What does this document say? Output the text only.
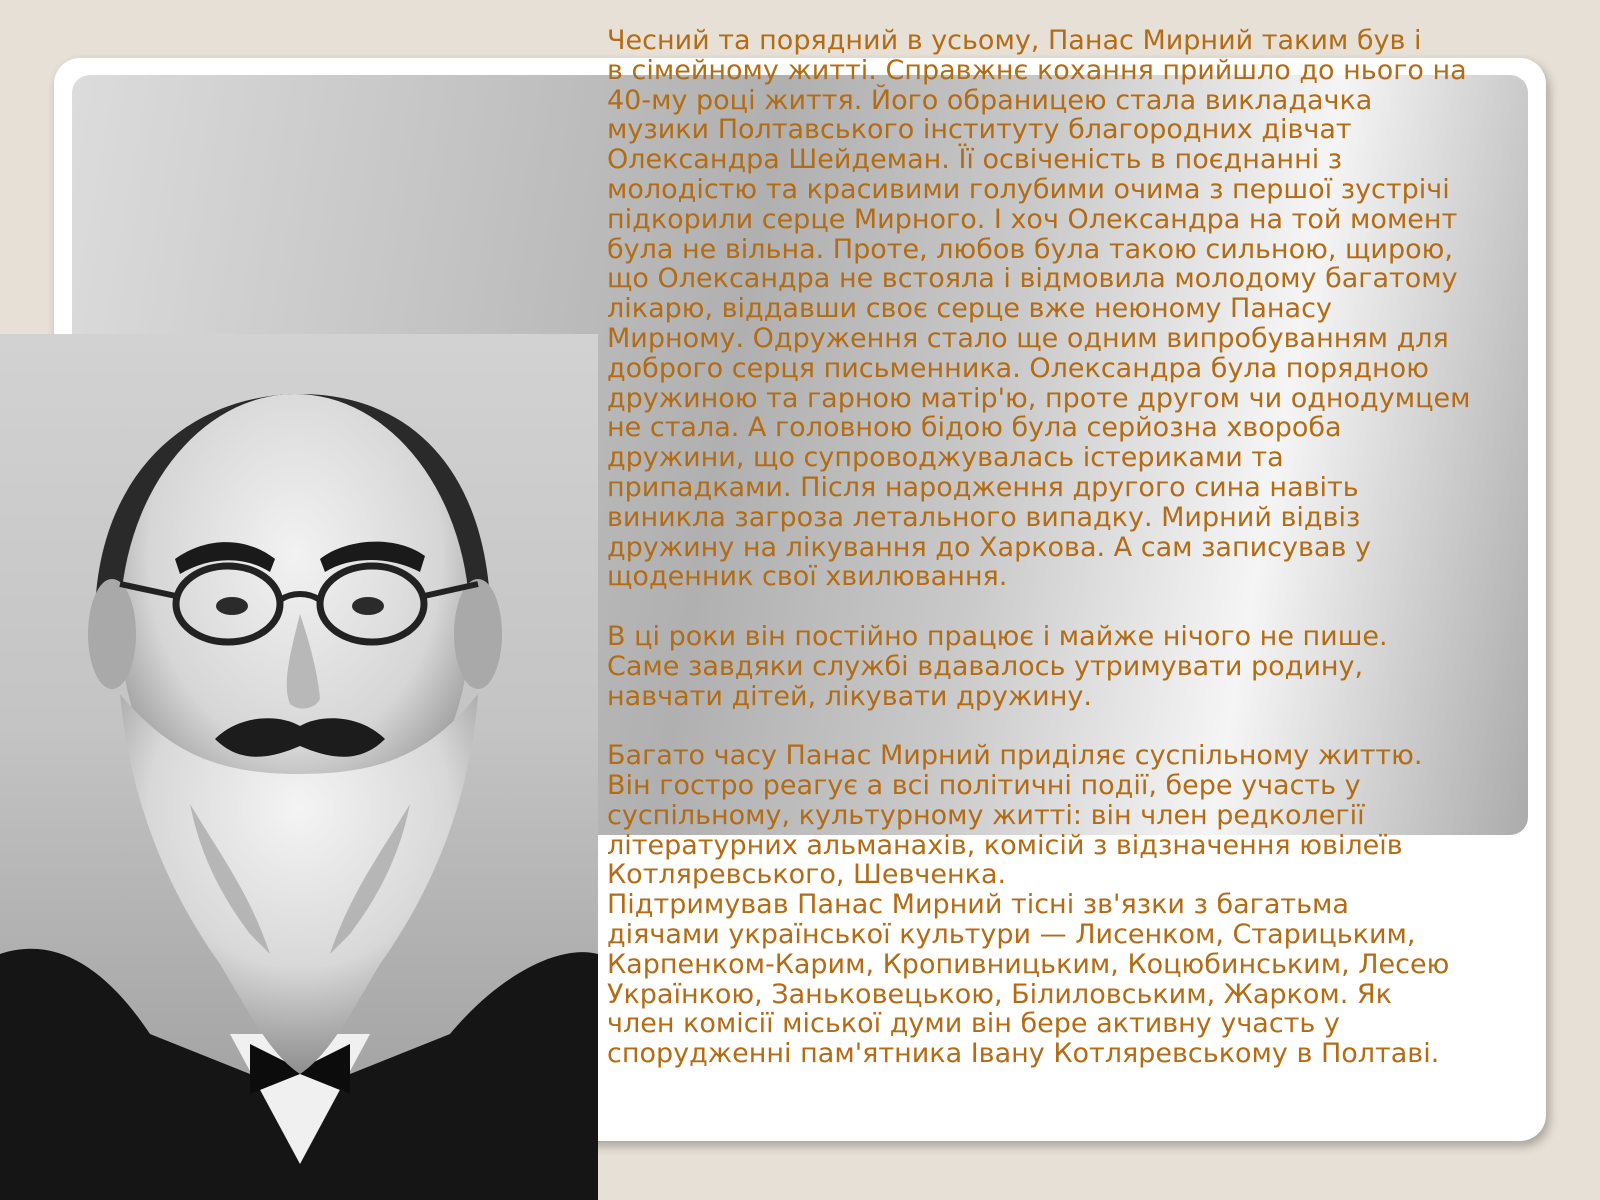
Чесний та порядний в усьому, Панас Мирний таким був і
в сімейному житті. Справжнє кохання прийшло до нього на
40-му році життя. Його обраницею стала викладачка
музики Полтавського інституту благородних дівчат
Олександра Шейдеман. Її освіченість в поєднанні з
молодістю та красивими голубими очима з першої зустрічі
підкорили серце Мирного. І хоч Олександра на той момент
була не вільна. Проте, любов була такою сильною, щирою,
що Олександра не встояла і відмовила молодому багатому
лікарю, віддавши своє серце вже неюному Панасу
Мирному. Одруження стало ще одним випробуванням для
доброго серця письменника. Олександра була порядною
дружиною та гарною матір'ю, проте другом чи однодумцем
не стала. А головною бідою була серйозна хвороба
дружини, що супроводжувалась істериками та
припадками. Після народження другого сина навіть
виникла загроза летального випадку. Мирний відвіз
дружину на лікування до Харкова. А сам записував у
щоденник свої хвилювання.
В ці роки він постійно працює і майже нічого не пише.
Саме завдяки службі вдавалось утримувати родину,
навчати дітей, лікувати дружину.
Багато часу Панас Мирний приділяє суспільному життю.
Він гостро реагує а всі політичні події, бере участь у
суспільному, культурному житті: він член редколегії
літературних альманахів, комісій з відзначення ювілеїв
Котляревського, Шевченка.
Підтримував Панас Мирний тісні зв'язки з багатьма
діячами української культури — Лисенком, Старицьким,
Карпенком-Карим, Кропивницьким, Коцюбинським, Лесею
Українкою, Заньковецькою, Білиловським, Жарком. Як
член комісії міської думи він бере активну участь у
спорудженні пам'ятника Івану Котляревському в Полтаві.
